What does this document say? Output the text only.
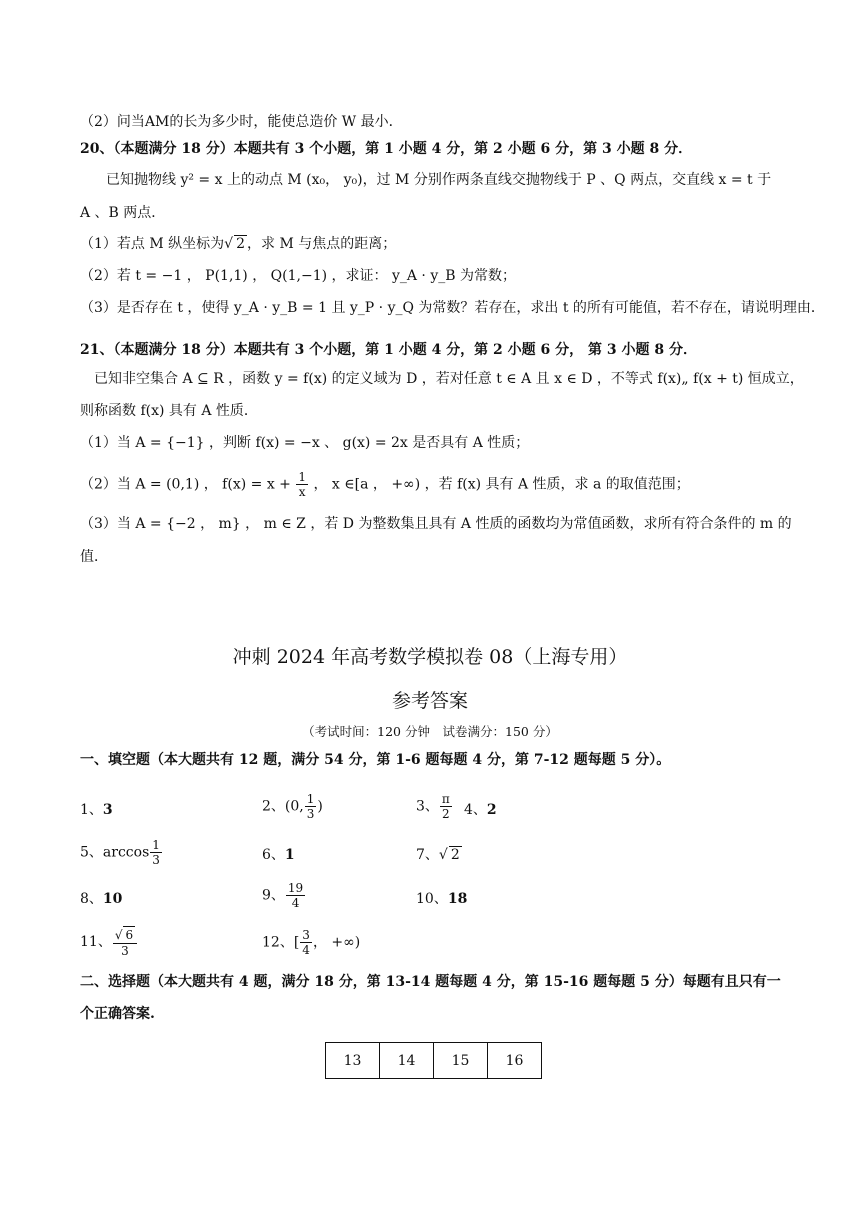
（2）问当AM的长为多少时，能使总造价 W 最小．
20、（本题满分 18 分）本题共有 3 个小题，第 1 小题 4 分，第 2 小题 6 分，第 3 小题 8 分．
已知抛物线 y² = x 上的动点 M (x₀， y₀)，过 M 分别作两条直线交抛物线于 P 、Q 两点，交直线 x = t 于
A 、B 两点．
（1）若点 M 纵坐标为√ 2 ，求 M 与焦点的距离；
（2）若 t = −1 ， P(1,1) ， Q(1,−1) ，求证： y_A · y_B 为常数；
（3）是否存在 t ，使得 y_A · y_B = 1 且 y_P · y_Q 为常数？若存在，求出 t 的所有可能值，若不存在，请说明理由．
21、（本题满分 18 分）本题共有 3 个小题，第 1 小题 4 分，第 2 小题 6 分， 第 3 小题 8 分．
已知非空集合 A ⊆ R ，函数 y = f(x) 的定义域为 D ，若对任意 t ∈ A 且 x ∈ D ，不等式 f(x)„ f(x + t) 恒成立，
则称函数 f(x) 具有 A 性质．
（1）当 A = {−1} ，判断 f(x) = −x 、 g(x) = 2x 是否具有 A 性质；
（2）当 A = (0,1) ， $f(x) = x + \frac{1}{x}$ ， x ∈[a ， +∞) ，若 f(x) 具有 A 性质，求 a 的取值范围；
（3）当 A = {−2 ， m} ， m ∈ Z ，若 D 为整数集且具有 A 性质的函数均为常值函数，求所有符合条件的 m 的
值．
冲刺 2024 年高考数学模拟卷 08（上海专用）
参考答案
（考试时间：120 分钟　试卷满分：150 分）
一、填空题（本大题共有 12 题，满分 54 分，第 1-6 题每题 4 分，第 7-12 题每题 5 分）。
1、3	2、(0, $\frac{1}{3}$ )	3、 $\frac{\pi}{2} 4$、2
5、$\arccos \frac{1}{3}$	6、1	7、√ 2
8、10	9、 $\frac{19}{4}$	10、18
11、 $\frac{√ 6}{3}$	12、[ $\frac{3}{4}$ ， +∞)
二、选择题（本大题共有 4 题，满分 18 分，第 13-14 题每题 4 分，第 15-16 题每题 5 分）每题有且只有一
个正确答案.
13	14	15	16
